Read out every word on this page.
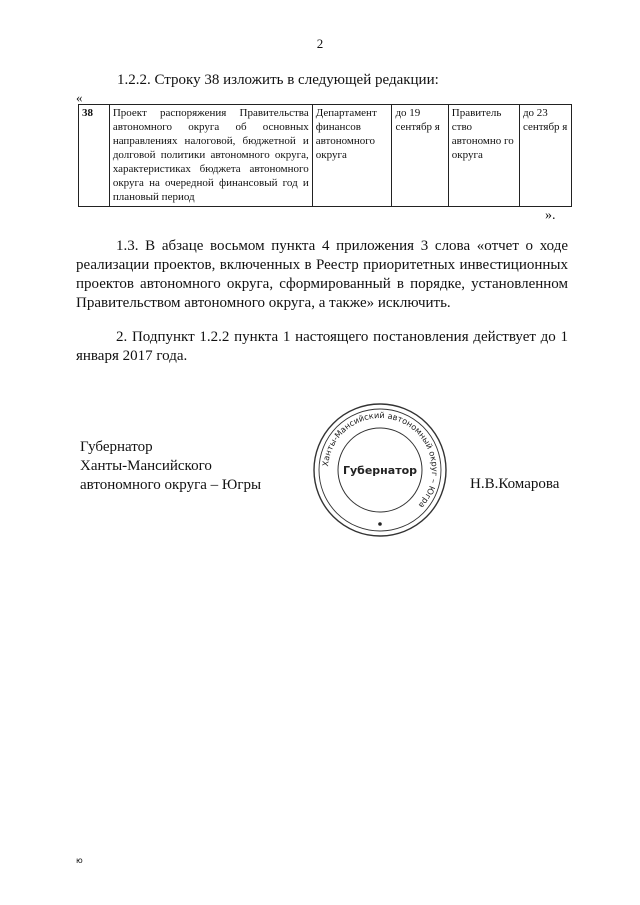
2
1.2.2. Строку 38 изложить в следующей редакции:
«
38	Проект распоряжения Правительства автономного округа об основных направлениях налоговой, бюджетной и долговой политики автономного округа, характеристиках бюджета автономного округа на очередной финансовый год и плановый период	Департамент финансов автономного округа	до 19 сентябр я	Правитель ство автономно го округа	до 23 сентябр я
».
1.3. В абзаце восьмом пункта 4 приложения 3 слова «отчет о ходе реализации проектов, включенных в Реестр приоритетных инвестиционных проектов автономного округа, сформированный в порядке, установленном Правительством автономного округа, а также» исключить.
2. Подпункт 1.2.2 пункта 1 настоящего постановления действует до 1 января 2017 года.
Губернатор
Ханты-Мансийского
автономного округа – Югры
Ханты-Мансийский автономный округ – Югра
Губернатор
Н.В.Комарова
ю
